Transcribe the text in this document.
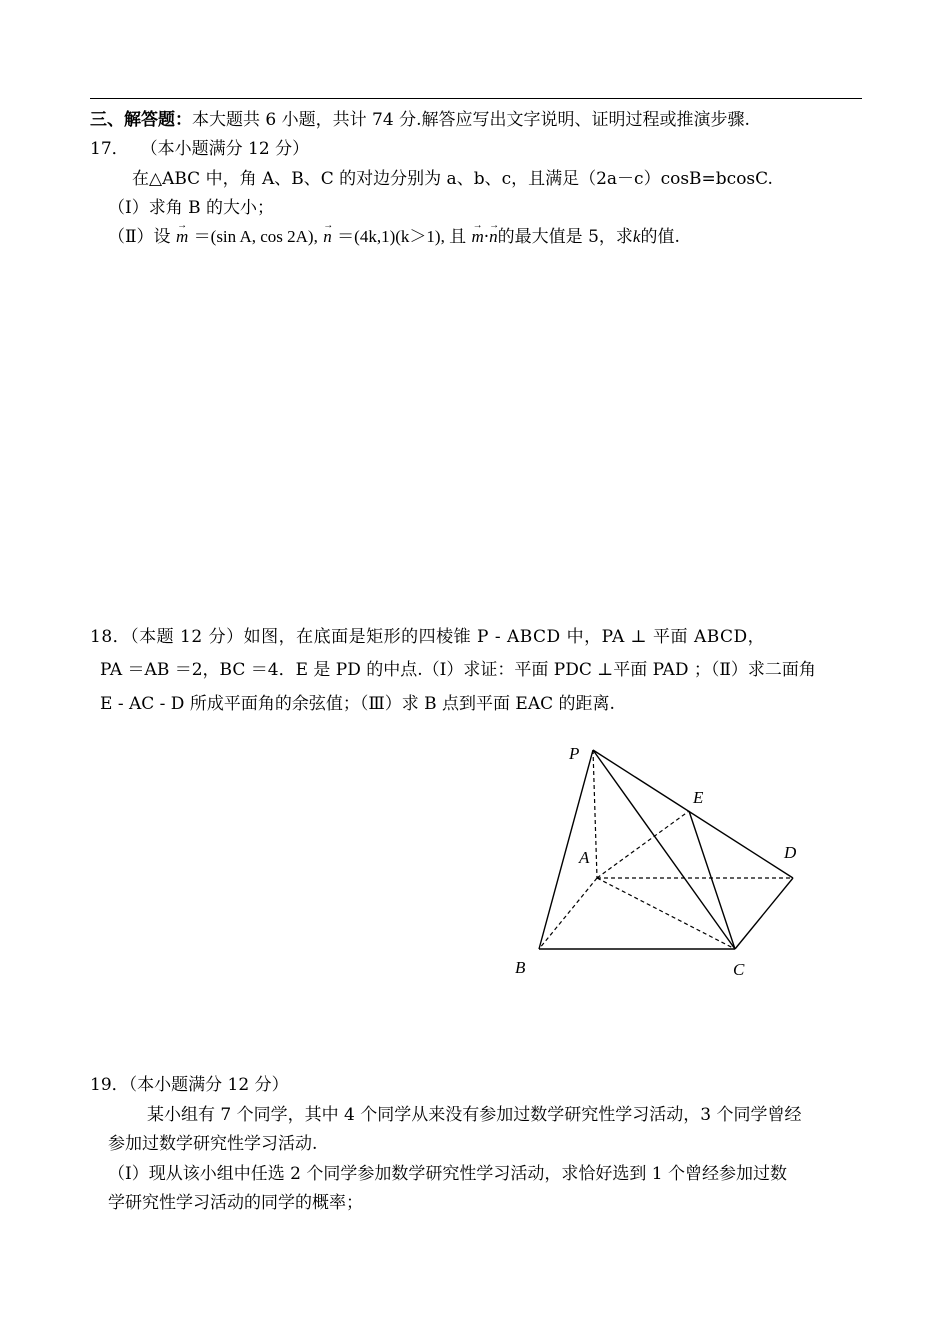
三、解答题：本大题共 6 小题，共计 74 分.解答应写出文字说明、证明过程或推演步骤.
17． （本小题满分 12 分）
在△ABC 中，角 A、B、C 的对边分别为 a、b、c，且满足（2a－c）cosB=bcosC.
（Ⅰ）求角 B 的大小；
（Ⅱ）设 → m ＝(sin A, cos 2A), → n ＝(4k,1)(k＞1), 且 → m·→ n的最大值是 5，求k的值.
18．（本题 12 分）如图，在底面是矩形的四棱锥 P - ABCD 中，PA ⊥ 平面 ABCD，
PA ＝AB ＝2，BC ＝4．E 是 PD 的中点.（Ⅰ）求证：平面 PDC ⊥平面 PAD ；（Ⅱ）求二面角
E - AC - D 所成平面角的余弦值；（Ⅲ）求 B 点到平面 EAC 的距离.
P
E
A	D
B	C
19．（本小题满分 12 分）
某小组有 7 个同学，其中 4 个同学从来没有参加过数学研究性学习活动，3 个同学曾经
参加过数学研究性学习活动.
（Ⅰ）现从该小组中任选 2 个同学参加数学研究性学习活动，求恰好选到 1 个曾经参加过数
学研究性学习活动的同学的概率；
